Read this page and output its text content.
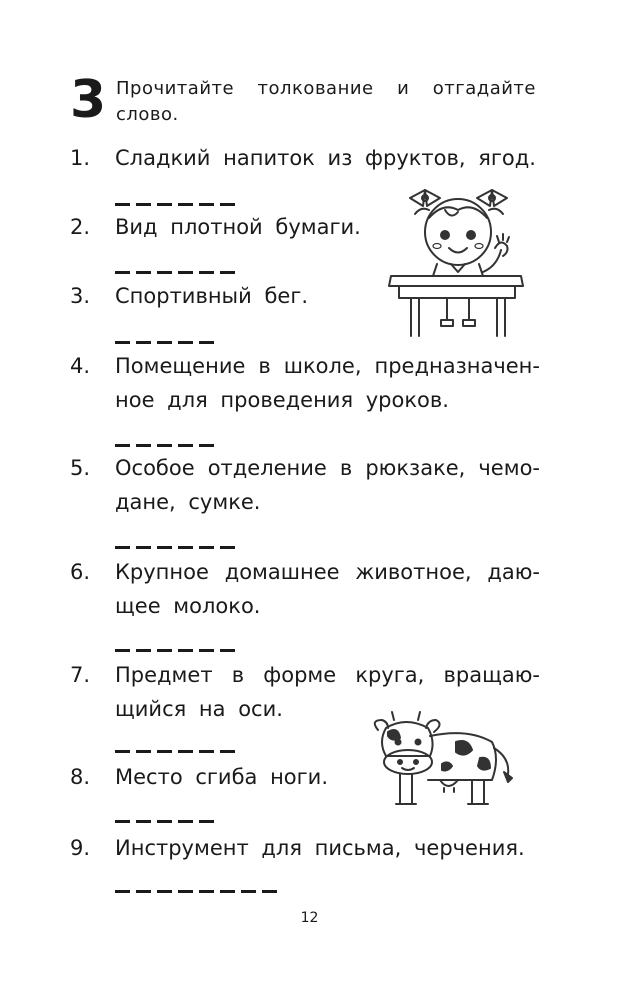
3 Прочитайте толкование и отгадайте слово.
1.	Сладкий напиток из фруктов, ягод.
2.	Вид плотной бумаги.
3.	Спортивный бег.
4.	Помещение в школе, предназначен-ное для проведения уроков.
5.	Особое отделение в рюкзаке, чемо-дане, сумке.
6.	Крупное домашнее животное, даю-щее молоко.
7.	Предмет в форме круга, вращаю-щийся на оси.
8.	Место сгиба ноги.
9.	Инструмент для письма, черчения.
12
